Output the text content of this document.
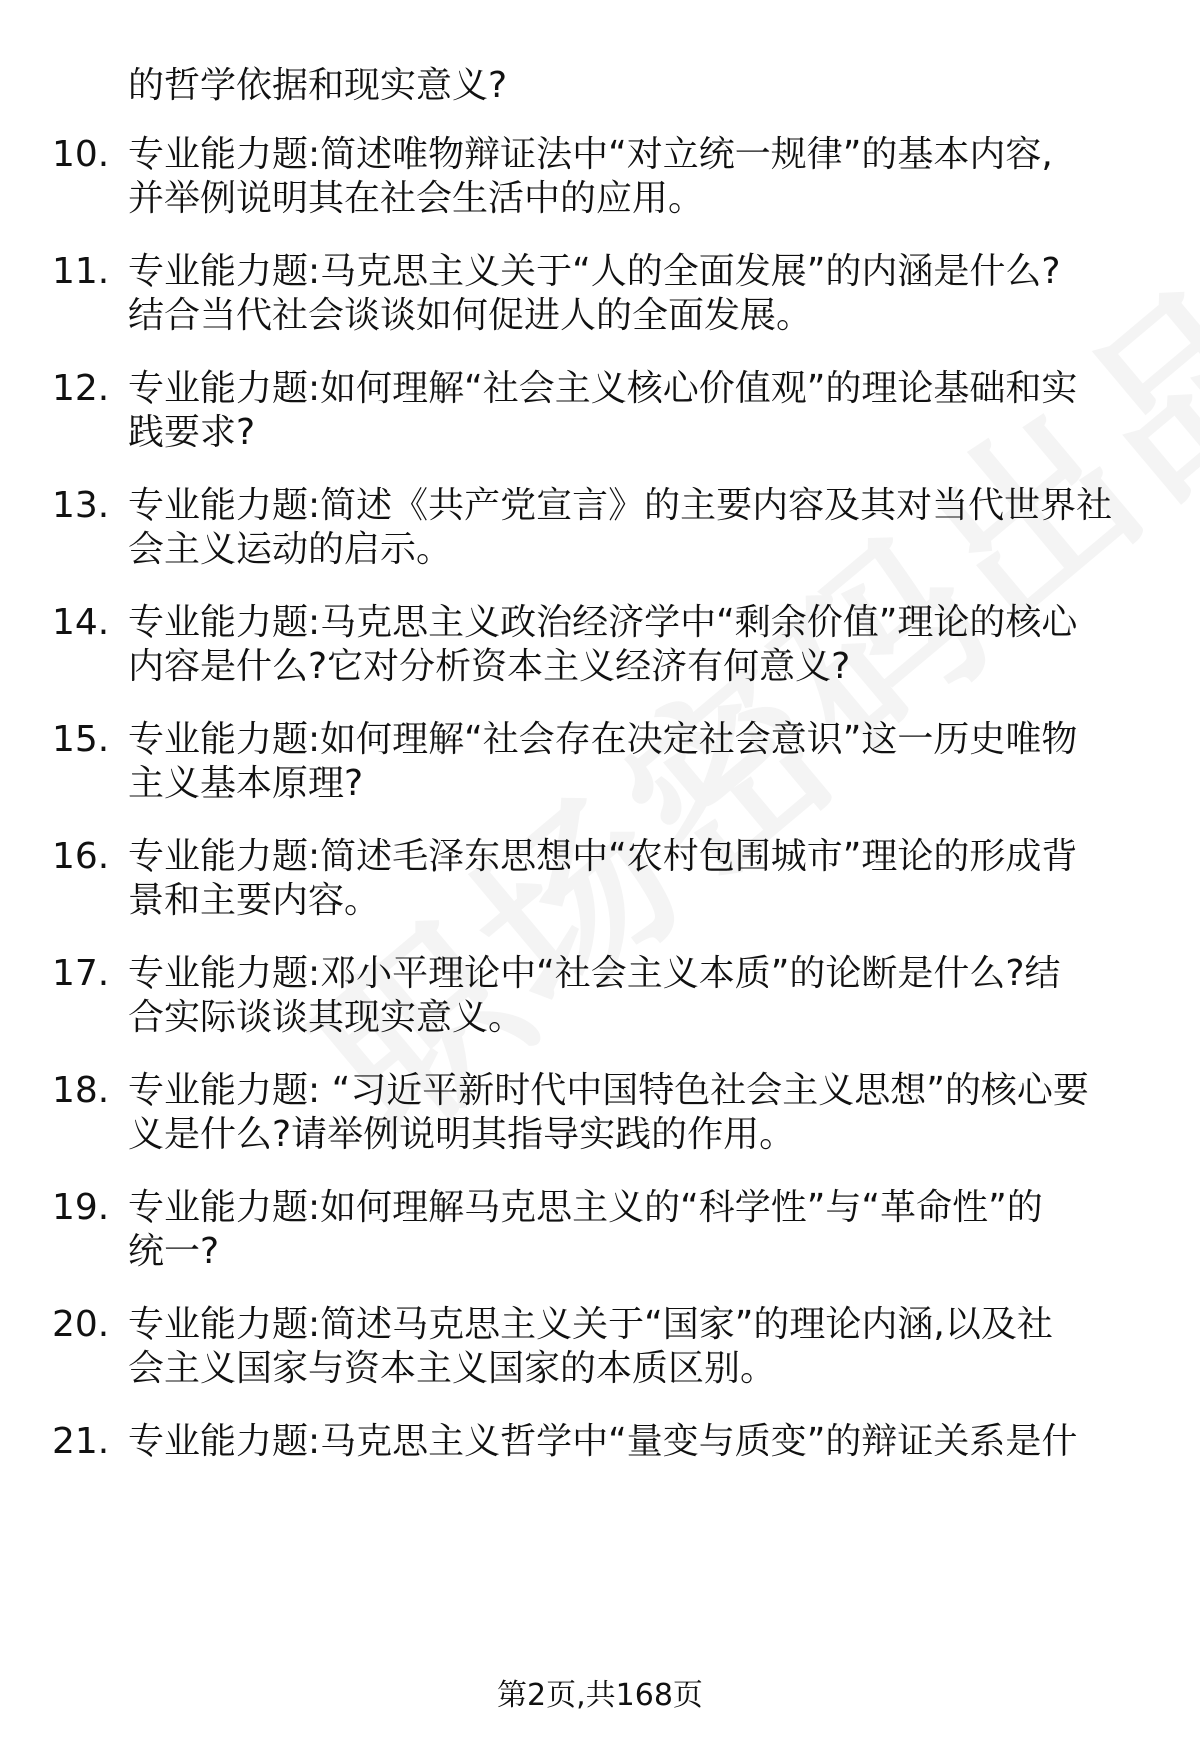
的哲学依据和现实意义?
10. 专业能力题:简述唯物辩证法中“对立统一规律”的基本内容,
并举例说明其在社会生活中的应用。
11. 专业能力题:马克思主义关于“人的全面发展”的内涵是什么?
结合当代社会谈谈如何促进人的全面发展。
12. 专业能力题:如何理解“社会主义核心价值观”的理论基础和实
践要求?
13. 专业能力题:简述《共产党宣言》的主要内容及其对当代世界社
会主义运动的启示。
14. 专业能力题:马克思主义政治经济学中“剩余价值”理论的核心
内容是什么?它对分析资本主义经济有何意义?
15. 专业能力题:如何理解“社会存在决定社会意识”这一历史唯物
主义基本原理?
16. 专业能力题:简述毛泽东思想中“农村包围城市”理论的形成背
景和主要内容。
17. 专业能力题:邓小平理论中“社会主义本质”的论断是什么?结
合实际谈谈其现实意义。
18. 专业能力题: “习近平新时代中国特色社会主义思想”的核心要
义是什么?请举例说明其指导实践的作用。
19. 专业能力题:如何理解马克思主义的“科学性”与“革命性”的
统一?
20. 专业能力题:简述马克思主义关于“国家”的理论内涵,以及社
会主义国家与资本主义国家的本质区别。
21. 专业能力题:马克思主义哲学中“量变与质变”的辩证关系是什
第2页,共168页
